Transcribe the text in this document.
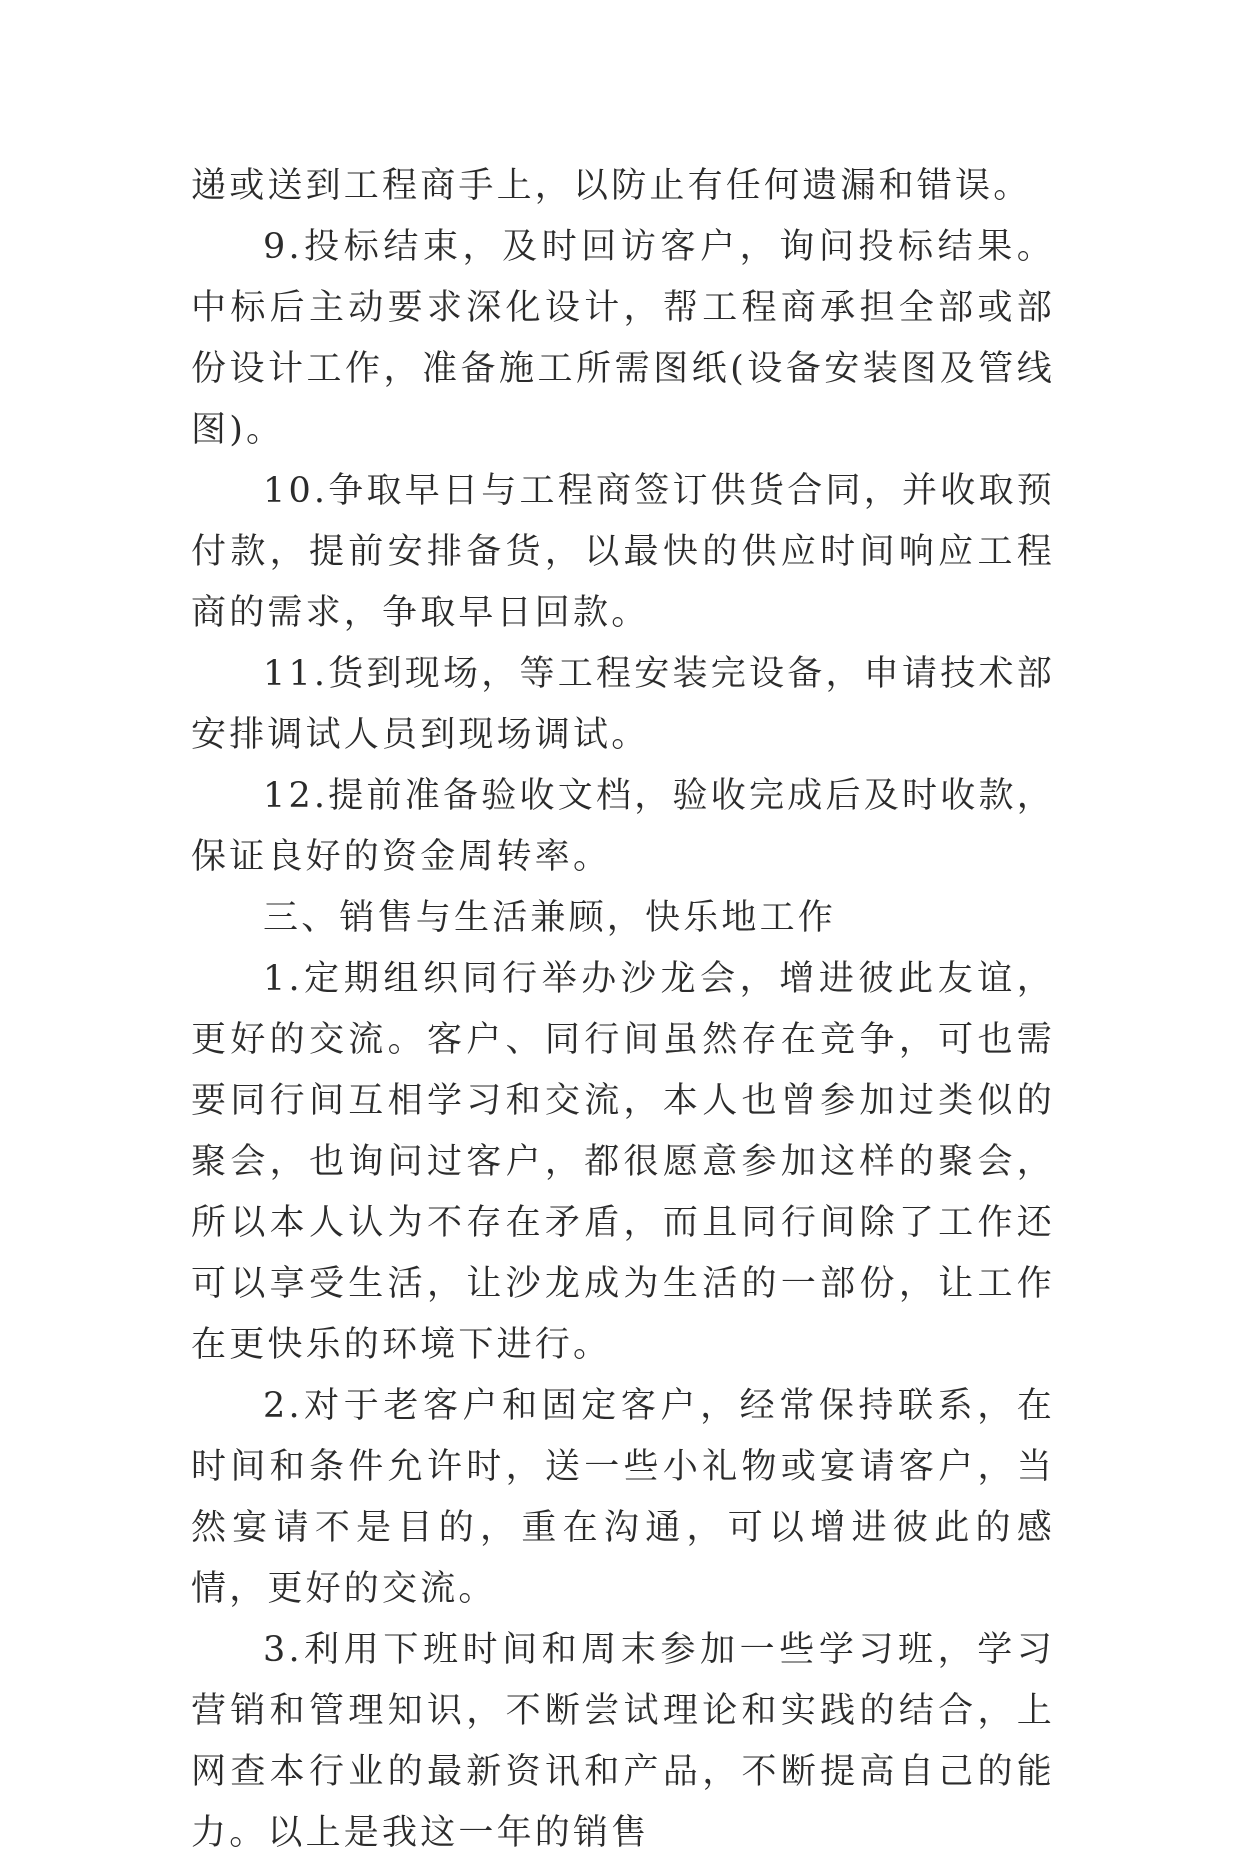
递或送到工程商手上，以防止有任何遗漏和错误。

9.投标结束，及时回访客户，询问投标结果。中标后主动要求深化设计，帮工程商承担全部或部份设计工作，准备施工所需图纸(设备安装图及管线图)。

10.争取早日与工程商签订供货合同，并收取预付款，提前安排备货，以最快的供应时间响应工程商的需求，争取早日回款。

11.货到现场，等工程安装完设备，申请技术部安排调试人员到现场调试。

12.提前准备验收文档，验收完成后及时收款，保证良好的资金周转率。

三、销售与生活兼顾，快乐地工作

1.定期组织同行举办沙龙会，增进彼此友谊，更好的交流。客户、同行间虽然存在竞争，可也需要同行间互相学习和交流，本人也曾参加过类似的聚会，也询问过客户，都很愿意参加这样的聚会，所以本人认为不存在矛盾，而且同行间除了工作还可以享受生活，让沙龙成为生活的一部份，让工作在更快乐的环境下进行。

2.对于老客户和固定客户，经常保持联系，在时间和条件允许时，送一些小礼物或宴请客户，当然宴请不是目的，重在沟通，可以增进彼此的感情，更好的交流。

3.利用下班时间和周末参加一些学习班，学习营销和管理知识，不断尝试理论和实践的结合，上网查本行业的最新资讯和产品，不断提高自己的能力。以上是我这一年的销售
